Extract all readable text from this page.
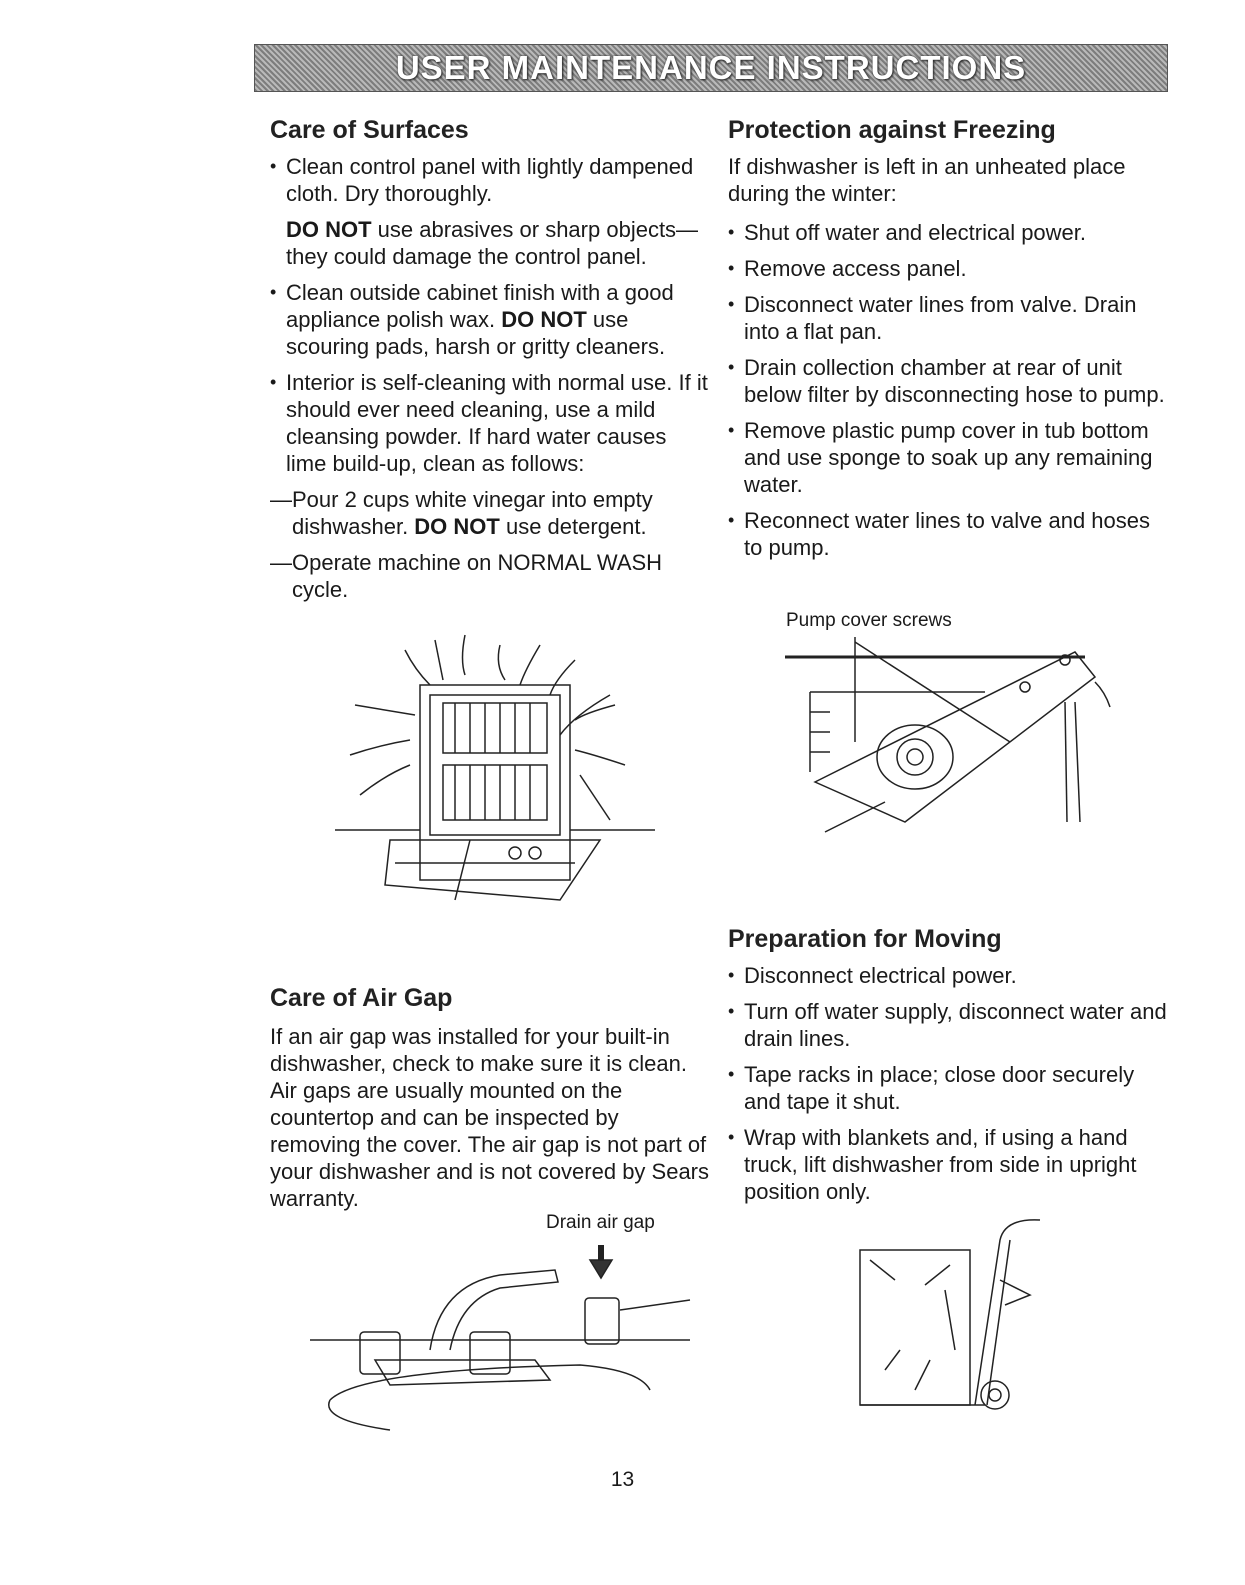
USER MAINTENANCE INSTRUCTIONS
Care of Surfaces
• Clean control panel with lightly dampened cloth. Dry thoroughly.

DO NOT use abrasives or sharp objects—they could damage the control panel.

• Clean outside cabinet finish with a good appliance polish wax. DO NOT use scouring pads, harsh or gritty cleaners.
• Interior is self-cleaning with normal use. If it should ever need cleaning, use a mild cleansing powder. If hard water causes lime build-up, clean as follows:

— Pour 2 cups white vinegar into empty dishwasher. DO NOT use detergent.

— Operate machine on NORMAL WASH cycle.

Care of Air Gap

If an air gap was installed for your built-in dishwasher, check to make sure it is clean. Air gaps are usually mounted on the countertop and can be inspected by removing the cover. The air gap is not part of your dishwasher and is not covered by Sears warranty.

Drain air gap
Protection against Freezing

If dishwasher is left in an unheated place during the winter:

• Shut off water and electrical power.
• Remove access panel.
• Disconnect water lines from valve. Drain into a flat pan.
• Drain collection chamber at rear of unit below filter by disconnecting hose to pump.
• Remove plastic pump cover in tub bottom and use sponge to soak up any remaining water.
• Reconnect water lines to valve and hoses to pump.
Pump cover screws
Preparation for Moving
• Disconnect electrical power.
• Turn off water supply, disconnect water and drain lines.
• Tape racks in place; close door securely and tape it shut.
• Wrap with blankets and, if using a hand truck, lift dishwasher from side in upright position only.
13
